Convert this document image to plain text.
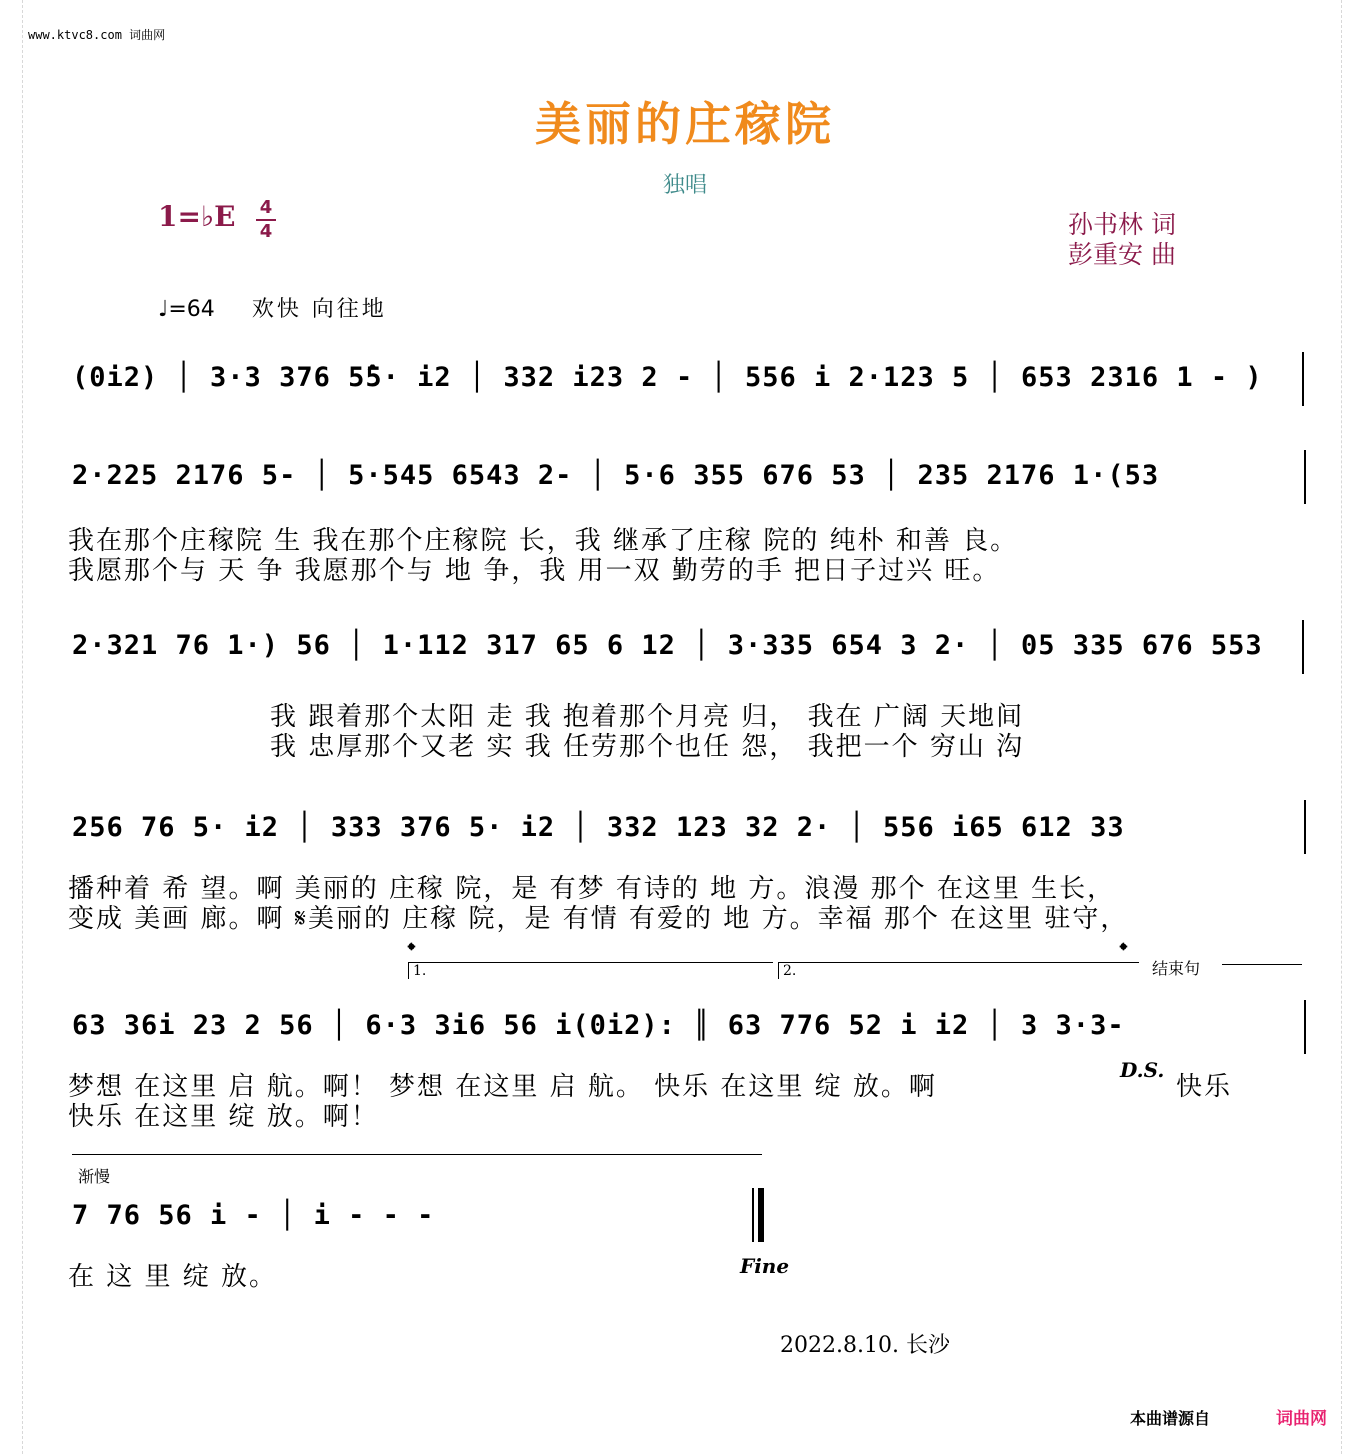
www.ktvc8.com 词曲网
美丽的庄稼院
独唱
1=♭E 4
4	孙书林 词
彭重安 曲
♩=64 欢快 向往地
(0i2) │ 3·3 376 5̂5· i2 │ 332 i23 2 - │ 556 i 2·123 5 │ 653 2316 1 - )
2·225 2176 5- │ 5·545 6543 2- │ 5·6 355 676 53 │ 235 2176 1·(53
我在那个庄稼院 生 我在那个庄稼院 长，我 继承了庄稼 院的 纯朴 和善 良。
我愿那个与 天 争 我愿那个与 地 争，我 用一双 勤劳的手 把日子过兴 旺。
2·321 76 1·) 56 │ 1·112 317 65 6 12 │ 3·335 654 3 2· │ 05 335 676 553
我 跟着那个太阳 走 我 抱着那个月亮 归， 我在 广阔 天地间
我 忠厚那个又老 实 我 任劳那个也任 怨， 我把一个 穷山 沟
256 76 5· i2 │ 333 376 5· i2 │ 332 123 32 2· │ 556 i65 612 33
播种着 希 望。啊 美丽的 庄稼 院，是 有梦 有诗的 地 方。浪漫 那个 在这里 生长，
变成 美画 廊。啊 𝄋美丽的 庄稼 院，是 有情 有爱的 地 方。幸福 那个 在这里 驻守，
𝄌
1.	2.
𝄌
结束句
63 36i 23 2 56 │ 6·3 3i6 56 i(0i2): ║ 63 776 52 i i2 │ 3 3·3-
梦想 在这里 启 航。啊！ 梦想 在这里 启 航。 快乐 在这里 绽 放。啊
D.S.
快乐
快乐 在这里 绽 放。啊！
渐慢
7 76 56 i - │ i - - -
在 这 里 绽 放。	Fine
2022.8.10. 长沙
本曲谱源自	词曲网
